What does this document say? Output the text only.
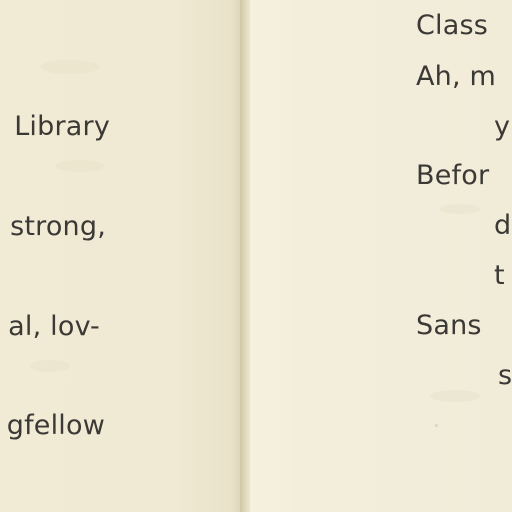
Library
strong,
al, lov-
gfellow
Class
Ah, m
y
Befor
d
t
Sans
s
